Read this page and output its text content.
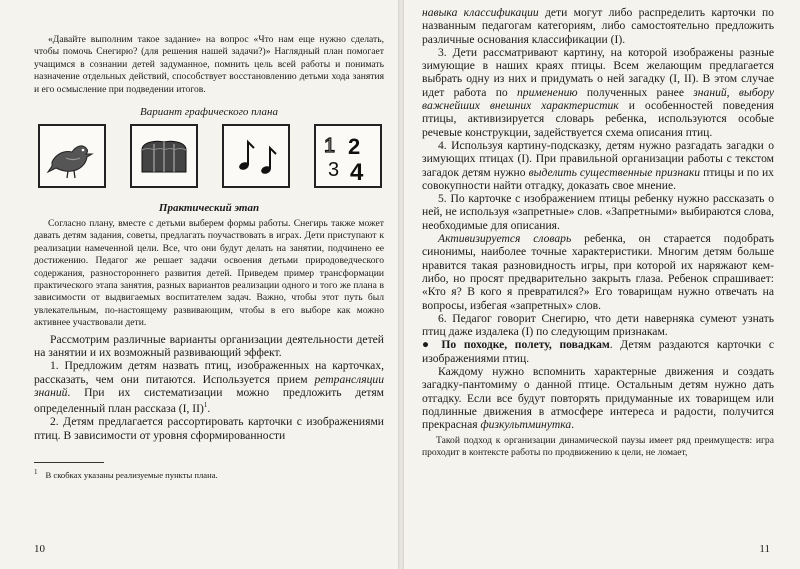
«Давайте выполним такое задание» на вопрос «Что нам еще нужно сделать, чтобы помочь Снегирю? (для решения нашей задачи?)» Наглядный план помогает учащимся в сознании детей задуманное, помнить цель всей работы и понимать назначение отдельных действий, способствует восстановлению детьми хода занятия и его осмысление при подведении итогов.

Вариант графического плана
1 2
3 4
Практический этап

Согласно плану, вместе с детьми выберем формы работы. Снегирь также может давать детям задания, советы, предлагать поучаствовать в играх. Дети приступают к реализации намеченной цели. Все, что они будут делать на занятии, подчинено ее достижению. Педагог же решает задачи освоения детьми природоведческого содержания, разностороннего развития детей. Приведем пример трансформации практического этапа занятия, разных вариантов реализации одного и того же плана в зависимости от выдвигаемых воспитателем задач. Важно, чтобы этот путь был увлекательным, по-настоящему развивающим, чтобы в его выборе как можно активнее участвовали дети.

Рассмотрим различные варианты организации деятельности детей на занятии и их возможный развивающий эффект.

1. Предложим детям назвать птиц, изображенных на карточках, рассказать, чем они питаются. Используется прием ретрансляции знаний. При их систематизации можно предложить детям определенный план рассказа (I, II)$^1$.

2. Детям предлагается рассортировать карточки с изображениями птиц. В зависимости от уровня сформированности

$^1$ В скобках указаны реализуемые пункты плана.

10

навыка классификации дети могут либо распределить карточки по названным педагогам категориям, либо самостоятельно предложить различные основания классификации (I).

3. Дети рассматривают картину, на которой изображены разные зимующие в наших краях птицы. Всем желающим предлагается выбрать одну из них и придумать о ней загадку (I, II). В этом случае идет работа по применению полученных ранее знаний, выбору важнейших внешних характеристик и особенностей поведения птицы, активизируется словарь ребенка, используются особые речевые конструкции, задействуется схема описания птиц.

4. Используя картину-подсказку, детям нужно разгадать загадки о зимующих птицах (I). При правильной организации работы с текстом загадок детям нужно выделить существенные признаки птицы и по их совокупности найти отгадку, доказать свое мнение.

5. По карточке с изображением птицы ребенку нужно рассказать о ней, не используя «запретные» слов. «Запретными» выбираются слова, необходимые для описания.

Активизируется словарь ребенка, он старается подобрать синонимы, наиболее точные характеристики. Многим детям больше нравится такая разновидность игры, при которой их наряжают кем-либо, но просят предварительно закрыть глаза. Ребенок спрашивает: «Кто я? В кого я превратился?» Его товарищам нужно отвечать на вопросы, избегая «запретных» слов.

6. Педагог говорит Снегирю, что дети наверняка сумеют узнать птиц даже издалека (I) по следующим признакам.

● По походке, полету, повадкам. Детям раздаются карточки с изображениями птиц.

Каждому нужно вспомнить характерные движения и создать загадку-пантомиму о данной птице. Остальным детям нужно дать отгадку. Если все будут повторять придуманные их товарищем или подлинные движения в атмосфере интереса и радости, получится прекрасная физкультминутка.

Такой подход к организации динамической паузы имеет ряд преимуществ: игра проходит в контексте работы по продвижению к цели, не ломает,

11
